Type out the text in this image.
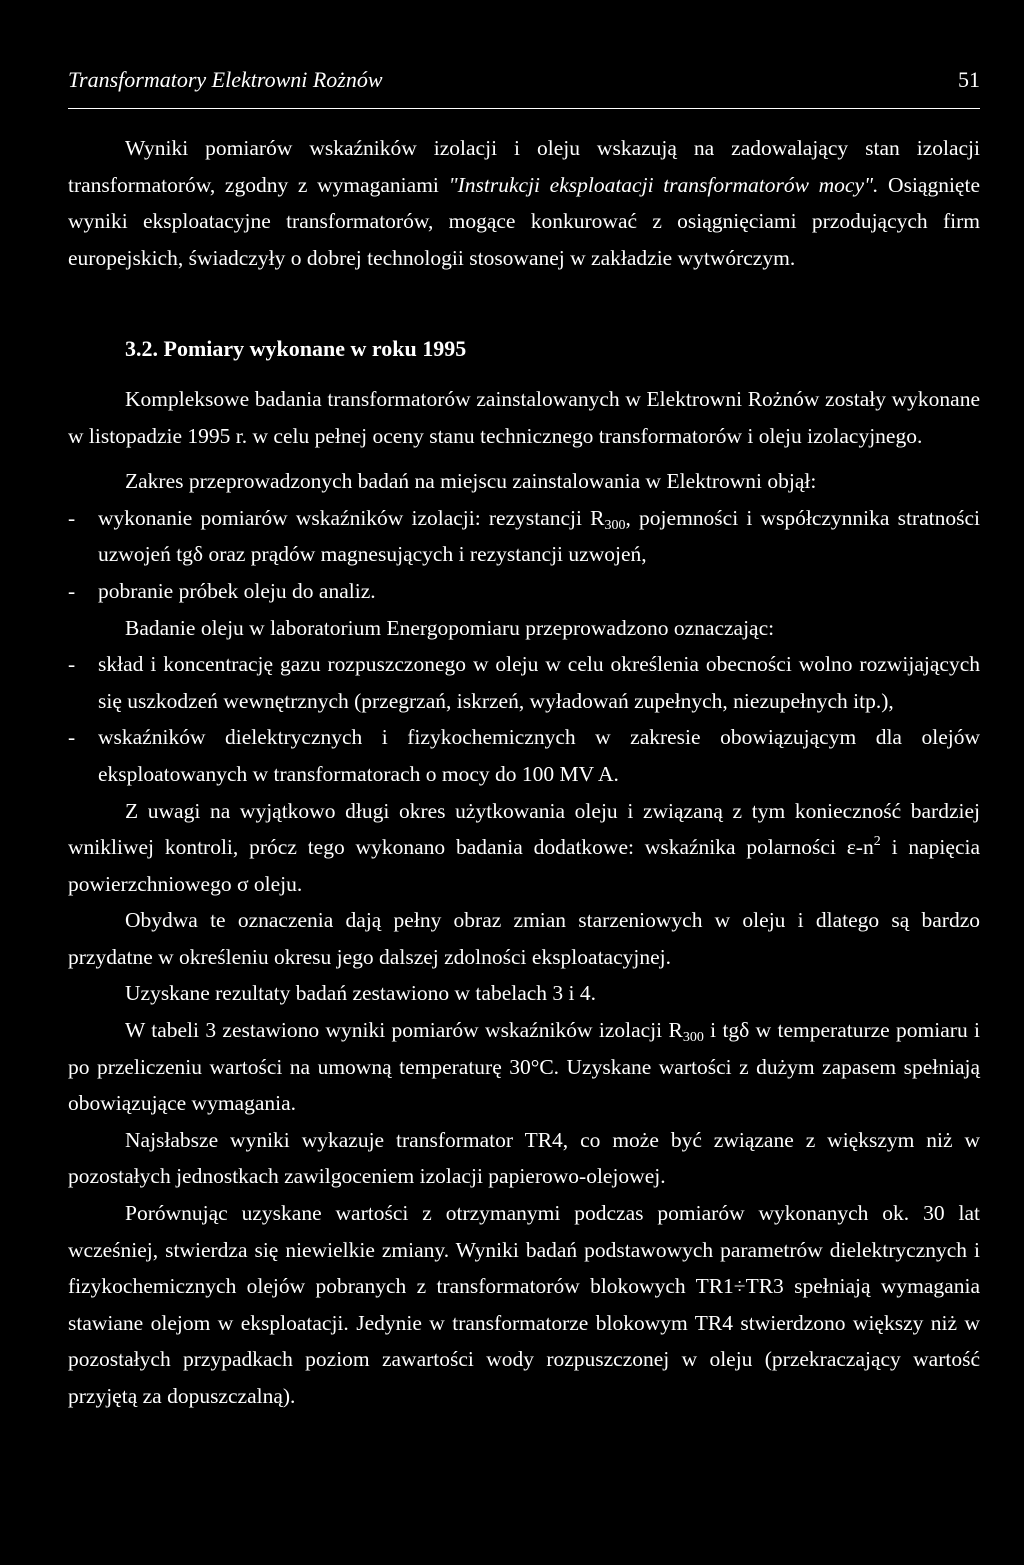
Transformatory Elektrowni Rożnów	51

Wyniki pomiarów wskaźników izolacji i oleju wskazują na zadowalający stan izolacji transformatorów, zgodny z wymaganiami "Instrukcji eksploatacji transformatorów mocy". Osiągnięte wyniki eksploatacyjne transformatorów, mogące konkurować z osiągnięciami przodujących firm europejskich, świadczyły o dobrej technologii stosowanej w zakładzie wytwórczym.

3.2. Pomiary wykonane w roku 1995

Kompleksowe badania transformatorów zainstalowanych w Elektrowni Rożnów zostały wykonane w listopadzie 1995 r. w celu pełnej oceny stanu technicznego transformatorów i oleju izolacyjnego.

Zakres przeprowadzonych badań na miejscu zainstalowania w Elektrowni objął:

- wykonanie pomiarów wskaźników izolacji: rezystancji $R_{300}$, pojemności i współczynnika stratności uzwojeń tgδ oraz prądów magnesujących i rezystancji uzwojeń,
- pobranie próbek oleju do analiz.

Badanie oleju w laboratorium Energopomiaru przeprowadzono oznaczając:

- skład i koncentrację gazu rozpuszczonego w oleju w celu określenia obecności wolno rozwijających się uszkodzeń wewnętrznych (przegrzań, iskrzeń, wyładowań zupełnych, niezupełnych itp.),
- wskaźników dielektrycznych i fizykochemicznych w zakresie obowiązującym dla olejów eksploatowanych w transformatorach o mocy do 100 MV A.

Z uwagi na wyjątkowo długi okres użytkowania oleju i związaną z tym konieczność bardziej wnikliwej kontroli, prócz tego wykonano badania dodatkowe: wskaźnika polarności $\varepsilon-n^2$ i napięcia powierzchniowego σ oleju.

Obydwa te oznaczenia dają pełny obraz zmian starzeniowych w oleju i dlatego są bardzo przydatne w określeniu okresu jego dalszej zdolności eksploatacyjnej.

Uzyskane rezultaty badań zestawiono w tabelach 3 i 4.

W tabeli 3 zestawiono wyniki pomiarów wskaźników izolacji $R_{300}$ i tgδ w temperaturze pomiaru i po przeliczeniu wartości na umowną temperaturę 30°C. Uzyskane wartości z dużym zapasem spełniają obowiązujące wymagania.

Najsłabsze wyniki wykazuje transformator TR4, co może być związane z większym niż w pozostałych jednostkach zawilgoceniem izolacji papierowo-olejowej.

Porównując uzyskane wartości z otrzymanymi podczas pomiarów wykonanych ok. 30 lat wcześniej, stwierdza się niewielkie zmiany. Wyniki badań podstawowych parametrów dielektrycznych i fizykochemicznych olejów pobranych z transformatorów blokowych TR1÷TR3 spełniają wymagania stawiane olejom w eksploatacji. Jedynie w transformatorze blokowym TR4 stwierdzono większy niż w pozostałych przypadkach poziom zawartości wody rozpuszczonej w oleju (przekraczający wartość przyjętą za dopuszczalną).
